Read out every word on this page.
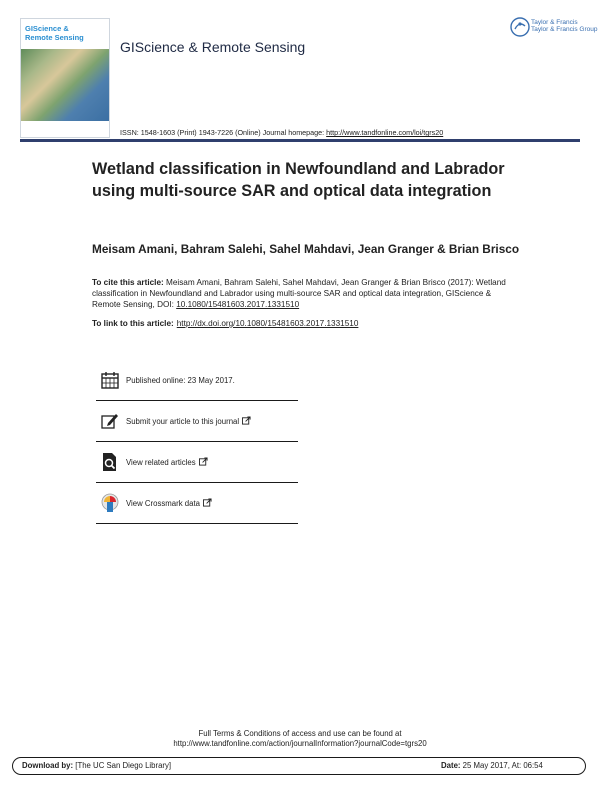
GIScience &
Remote Sensing
GIScience & Remote Sensing
Taylor & Francis
Taylor & Francis Group
ISSN: 1548-1603 (Print) 1943-7226 (Online) Journal homepage: http://www.tandfonline.com/loi/tgrs20
Wetland classification in Newfoundland and Labrador using multi-source SAR and optical data integration
Meisam Amani, Bahram Salehi, Sahel Mahdavi, Jean Granger & Brian Brisco
To cite this article: Meisam Amani, Bahram Salehi, Sahel Mahdavi, Jean Granger & Brian Brisco (2017): Wetland classification in Newfoundland and Labrador using multi-source SAR and optical data integration, GIScience & Remote Sensing, DOI: 10.1080/15481603.2017.1331510
To link to this article: http://dx.doi.org/10.1080/15481603.2017.1331510
Published online: 23 May 2017.
Submit your article to this journal
View related articles
View Crossmark data
Full Terms & Conditions of access and use can be found at
http://www.tandfonline.com/action/journalInformation?journalCode=tgrs20
Download by: [The UC San Diego Library]	Date: 25 May 2017, At: 06:54
